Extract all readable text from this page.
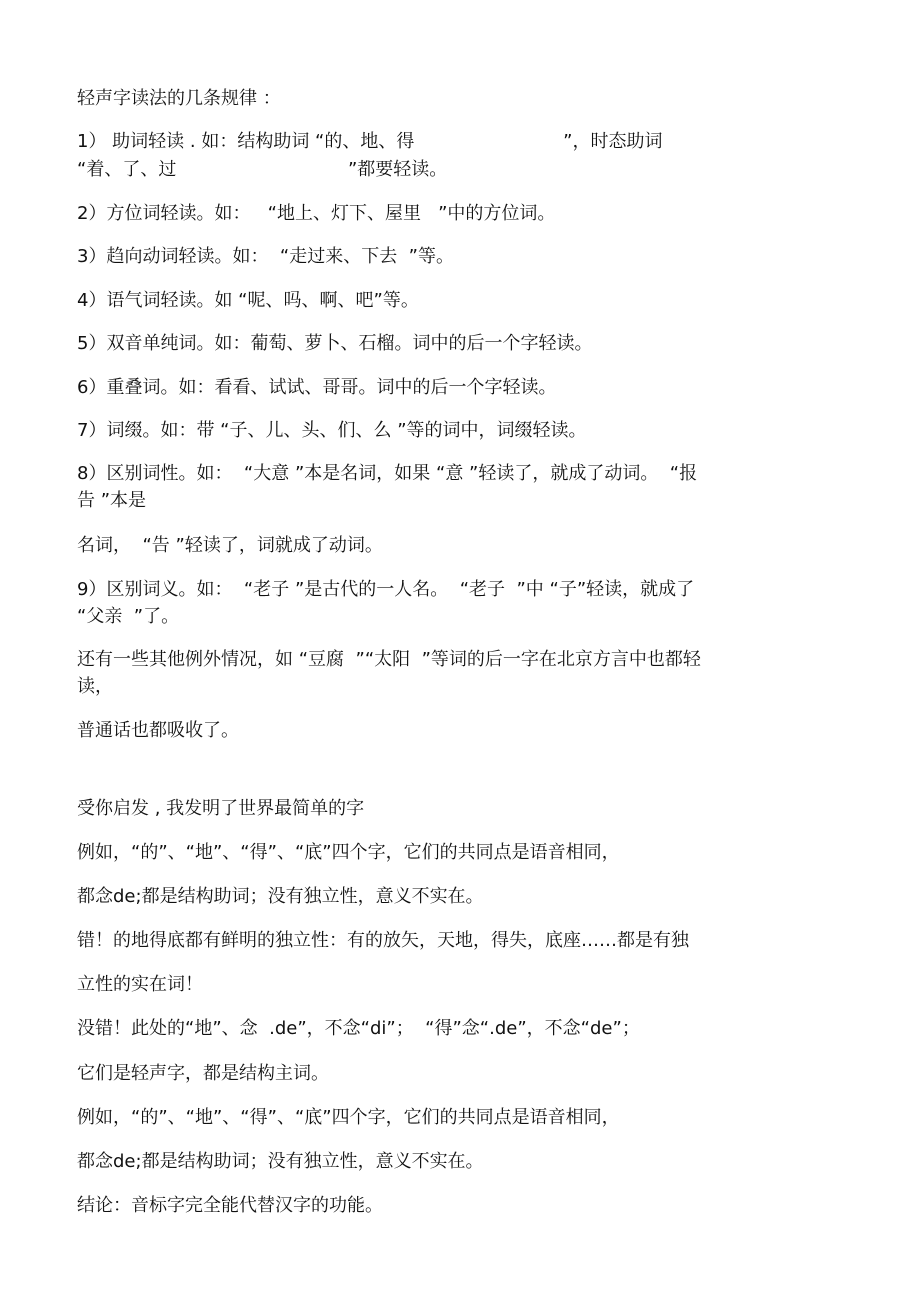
轻声字读法的几条规律 ：

1） 助词轻读 . 如：结构助词 “的、地、得                          ”，时态助词

“着、了、过                              ”都要轻读。

2）方位词轻读。如：   “地上、灯下、屋里   ”中的方位词。

3）趋向动词轻读。如：  “走过来、下去  ”等。

4）语气词轻读。如 “呢、吗、啊、吧”等。

5）双音单纯词。如：葡萄、萝卜、石榴。词中的后一个字轻读。

6）重叠词。如：看看、试试、哥哥。词中的后一个字轻读。

7）词缀。如：带 “子、儿、头、们、么 ”等的词中，词缀轻读。

8）区别词性。如：  “大意 ”本是名词，如果 “意 ”轻读了，就成了动词。  “报

告 ”本是

名词，  “告 ”轻读了，词就成了动词。

9）区别词义。如：  “老子 ”是古代的一人名。  “老子  ”中 “子”轻读，就成了

“父亲  ”了。

还有一些其他例外情况，如 “豆腐  ”“太阳  ”等词的后一字在北京方言中也都轻

读，

普通话也都吸收了。

受你启发 , 我发明了世界最简单的字

例如，“的”、“地”、“得”、“底”四个字，它们的共同点是语音相同，

都念de;都是结构助词；没有独立性，意义不实在。

错！的地得底都有鲜明的独立性：有的放矢，天地，得失，底座……都是有独

立性的实在词！

没错！此处的“地”、念  .de”，不念“di”；  “得”念“.de”，不念“de”；

它们是轻声字，都是结构主词。

例如，“的”、“地”、“得”、“底”四个字，它们的共同点是语音相同，

都念de;都是结构助词；没有独立性，意义不实在。

结论：音标字完全能代替汉字的功能。
